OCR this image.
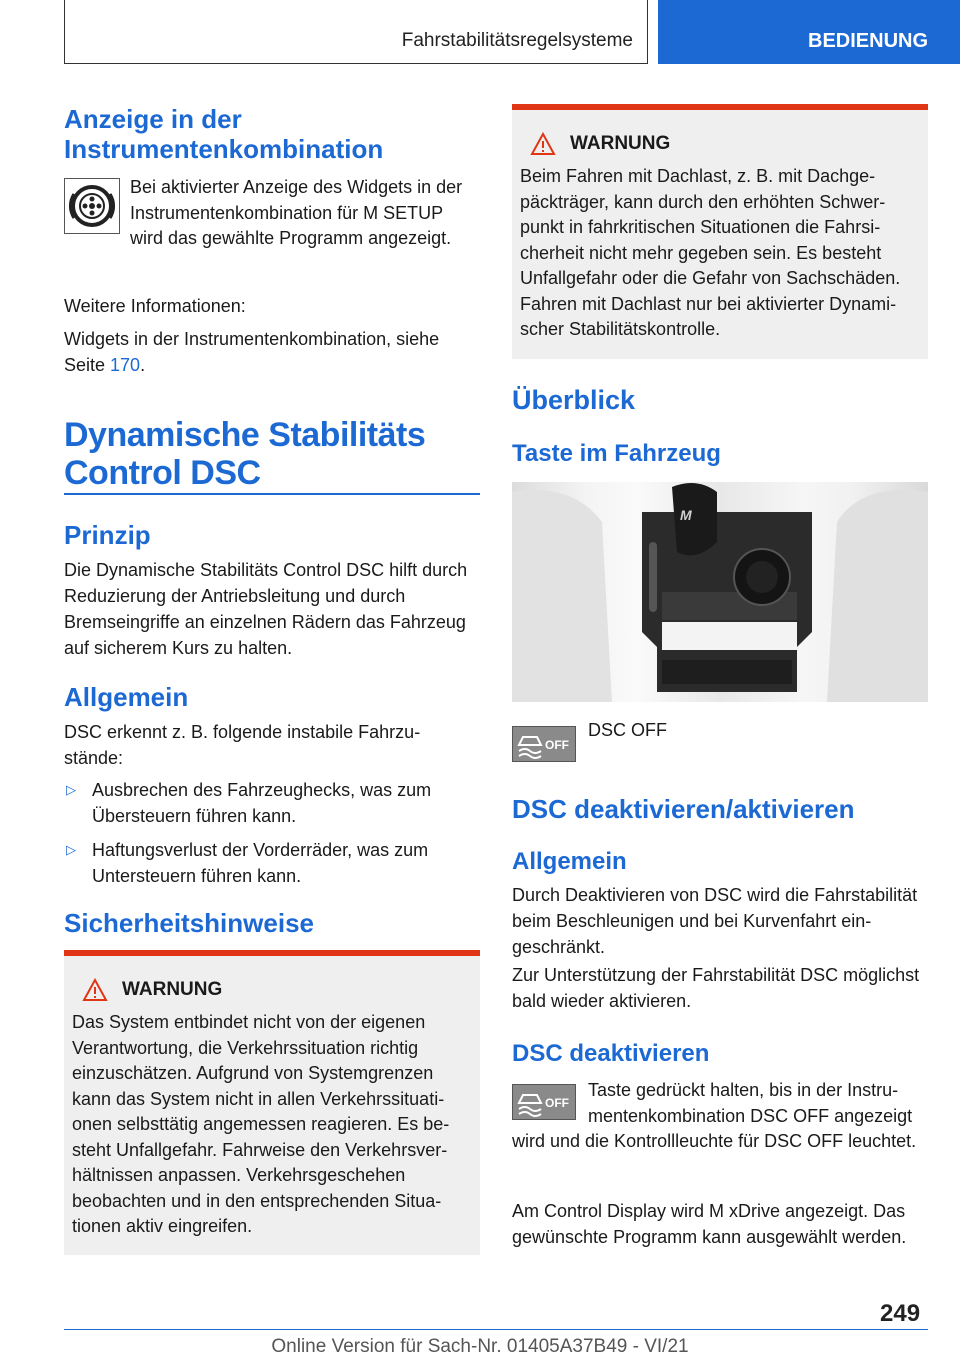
Fahrstabilitätsregelsysteme	BEDIENUNG
Anzeige in der Instrumentenkombination
Bei aktivierter Anzeige des Widgets in der Instrumentenkombination für M SETUP wird das gewählte Programm angezeigt.

Weitere Informationen:

Widgets in der Instrumentenkombination, siehe Seite 170.

Dynamische Stabilitäts Control DSC
Prinzip

Die Dynamische Stabilitäts Control DSC hilft durch Reduzierung der Antriebsleitung und durch Bremseingriffe an einzelnen Rädern das Fahrzeug auf sicherem Kurs zu halten.

Allgemein

DSC erkennt z. B. folgende instabile Fahrzustände:

▷ Ausbrechen des Fahrzeughecks, was zum Übersteuern führen kann.
▷ Haftungsverlust der Vorderräder, was zum Untersteuern führen kann.
Sicherheitshinweise
WARNUNG
Das System entbindet nicht von der eigenen Verantwortung, die Verkehrssituation richtig einzuschätzen. Aufgrund von Systemgrenzen kann das System nicht in allen Verkehrssituationen selbsttätig angemessen reagieren. Es besteht Unfallgefahr. Fahrweise den Verkehrsverhältnissen anpassen. Verkehrsgeschehen beobachten und in den entsprechenden Situationen aktiv eingreifen.
WARNUNG
Beim Fahren mit Dachlast, z. B. mit Dachgepäckträger, kann durch den erhöhten Schwerpunkt in fahrkritischen Situationen die Fahrsicherheit nicht mehr gegeben sein. Es besteht Unfallgefahr oder die Gefahr von Sachschäden. Fahren mit Dachlast nur bei aktivierter Dynamischer Stabilitätskontrolle.
Überblick
Taste im Fahrzeug
M
OFF
DSC OFF
DSC deaktivieren/aktivieren
Allgemein

Durch Deaktivieren von DSC wird die Fahrstabilität beim Beschleunigen und bei Kurvenfahrt eingeschränkt.

Zur Unterstützung der Fahrstabilität DSC möglichst bald wieder aktivieren.

DSC deaktivieren
OFF
Taste gedrückt halten, bis in der Instrumentenkombination DSC OFF angezeigt wird und die Kontrollleuchte für DSC OFF leuchtet.

Am Control Display wird M xDrive angezeigt. Das gewünschte Programm kann ausgewählt werden.

249
Online Version für Sach-Nr. 01405A37B49 - VI/21
